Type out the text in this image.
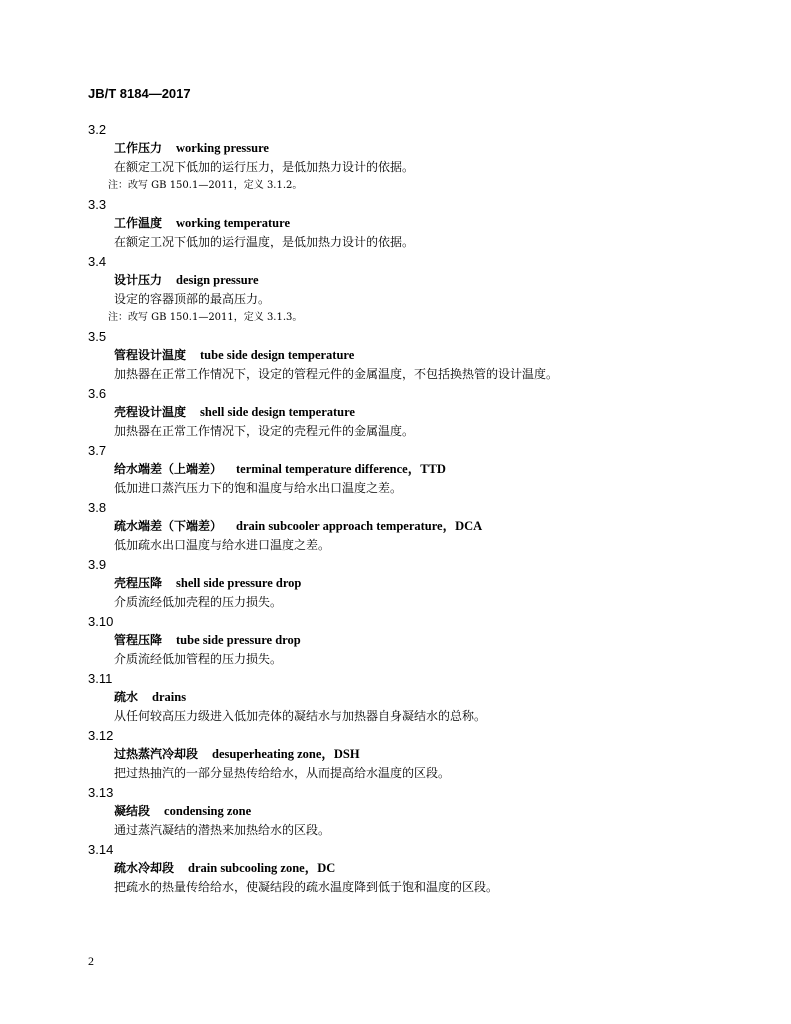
JB/T 8184—2017
3.2
工作压力 working pressure
在额定工况下低加的运行压力，是低加热力设计的依据。
注：改写 GB 150.1—2011，定义 3.1.2。
3.3
工作温度 working temperature
在额定工况下低加的运行温度，是低加热力设计的依据。
3.4
设计压力 design pressure
设定的容器顶部的最高压力。
注：改写 GB 150.1—2011，定义 3.1.3。
3.5
管程设计温度 tube side design temperature
加热器在正常工作情况下，设定的管程元件的金属温度，不包括换热管的设计温度。
3.6
壳程设计温度 shell side design temperature
加热器在正常工作情况下，设定的壳程元件的金属温度。
3.7
给水端差（上端差） terminal temperature difference，TTD
低加进口蒸汽压力下的饱和温度与给水出口温度之差。
3.8
疏水端差（下端差） drain subcooler approach temperature，DCA
低加疏水出口温度与给水进口温度之差。
3.9
壳程压降 shell side pressure drop
介质流经低加壳程的压力损失。
3.10
管程压降 tube side pressure drop
介质流经低加管程的压力损失。
3.11
疏水 drains
从任何较高压力级进入低加壳体的凝结水与加热器自身凝结水的总称。
3.12
过热蒸汽冷却段 desuperheating zone，DSH
把过热抽汽的一部分显热传给给水，从而提高给水温度的区段。
3.13
凝结段 condensing zone
通过蒸汽凝结的潜热来加热给水的区段。
3.14
疏水冷却段 drain subcooling zone，DC
把疏水的热量传给给水，使凝结段的疏水温度降到低于饱和温度的区段。
2
